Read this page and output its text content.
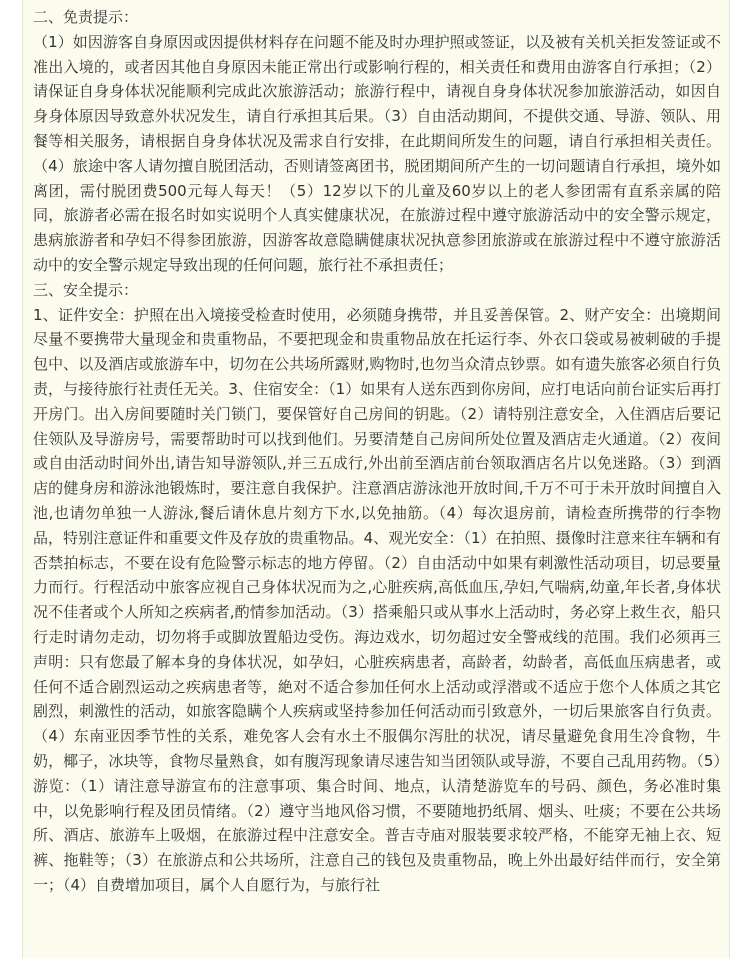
二、免责提示：

（1）如因游客自身原因或因提供材料存在问题不能及时办理护照或签证，以及被有关机关拒发签证或不准出入境的，或者因其他自身原因未能正常出行或影响行程的，相关责任和费用由游客自行承担；（2）请保证自身身体状况能顺利完成此次旅游活动；旅游行程中，请视自身身体状况参加旅游活动，如因自身身体原因导致意外状况发生，请自行承担其后果。（3）自由活动期间，不提供交通、导游、领队、用餐等相关服务，请根据自身身体状况及需求自行安排，在此期间所发生的问题，请自行承担相关责任。（4）旅途中客人请勿擅自脱团活动，否则请签离团书，脱团期间所产生的一切问题请自行承担，境外如离团，需付脱团费500元每人每天！（5）12岁以下的儿童及60岁以上的老人参团需有直系亲属的陪同，旅游者必需在报名时如实说明个人真实健康状况，在旅游过程中遵守旅游活动中的安全警示规定，患病旅游者和孕妇不得参团旅游，因游客故意隐瞒健康状况执意参团旅游或在旅游过程中不遵守旅游活动中的安全警示规定导致出现的任何问题，旅行社不承担责任；

三、安全提示：

1、证件安全：护照在出入境接受检查时使用，必须随身携带，并且妥善保管。2、财产安全：出境期间尽量不要携带大量现金和贵重物品，不要把现金和贵重物品放在托运行李、外衣口袋或易被刺破的手提包中、以及酒店或旅游车中，切勿在公共场所露财,购物时,也勿当众清点钞票。如有遗失旅客必须自行负责，与接待旅行社责任无关。3、住宿安全：（1）如果有人送东西到你房间，应打电话向前台证实后再打开房门。出入房间要随时关门锁门，要保管好自己房间的钥匙。（2）请特别注意安全，入住酒店后要记住领队及导游房号，需要帮助时可以找到他们。另要清楚自己房间所处位置及酒店走火通道。（2）夜间或自由活动时间外出,请告知导游领队,并三五成行,外出前至酒店前台领取酒店名片以免迷路。（3）到酒店的健身房和游泳池锻炼时，要注意自我保护。注意酒店游泳池开放时间,千万不可于未开放时间擅自入池,也请勿单独一人游泳,餐后请休息片刻方下水,以免抽筋。（4）每次退房前，请检查所携带的行李物品，特别注意证件和重要文件及存放的贵重物品。4、观光安全：（1）在拍照、摄像时注意来往车辆和有否禁拍标志，不要在设有危险警示标志的地方停留。（2）自由活动中如果有刺激性活动项目，切忌要量力而行。行程活动中旅客应视自己身体状况而为之,心脏疾病,高低血压,孕妇,气喘病,幼童,年长者,身体状况不佳者或个人所知之疾病者,酌情参加活动。（3）搭乘船只或从事水上活动时，务必穿上救生衣，船只行走时请勿走动，切勿将手或脚放置船边受伤。海边戏水，切勿超过安全警戒线的范围。我们必须再三声明：只有您最了解本身的身体状况，如孕妇，心脏疾病患者，高龄者，幼龄者，高低血压病患者，或任何不适合剧烈运动之疾病患者等，絶对不适合参加任何水上活动或浮潜或不适应于您个人体质之其它剧烈，刺激性的活动，如旅客隐瞒个人疾病或坚持参加任何活动而引致意外，一切后果旅客自行负责。（4）东南亚因季节性的关系，难免客人会有水土不服偶尔泻肚的状况，请尽量避免食用生冷食物，牛奶，椰子，冰块等，食物尽量熟食，如有腹泻现象请尽速告知当团领队或导游，不要自己乱用药物。（5）游览：（1）请注意导游宣布的注意事项、集合时间、地点，认清楚游览车的号码、颜色，务必准时集中，以免影响行程及团员情绪。（2）遵守当地风俗习惯，不要随地扔纸屑、烟头、吐痰；不要在公共场所、酒店、旅游车上吸烟，在旅游过程中注意安全。普吉寺庙对服装要求较严格，不能穿无袖上衣、短裤、拖鞋等；（3）在旅游点和公共场所，注意自己的钱包及贵重物品，晚上外出最好结伴而行，安全第一；（4）自费增加项目，属个人自愿行为，与旅行社
